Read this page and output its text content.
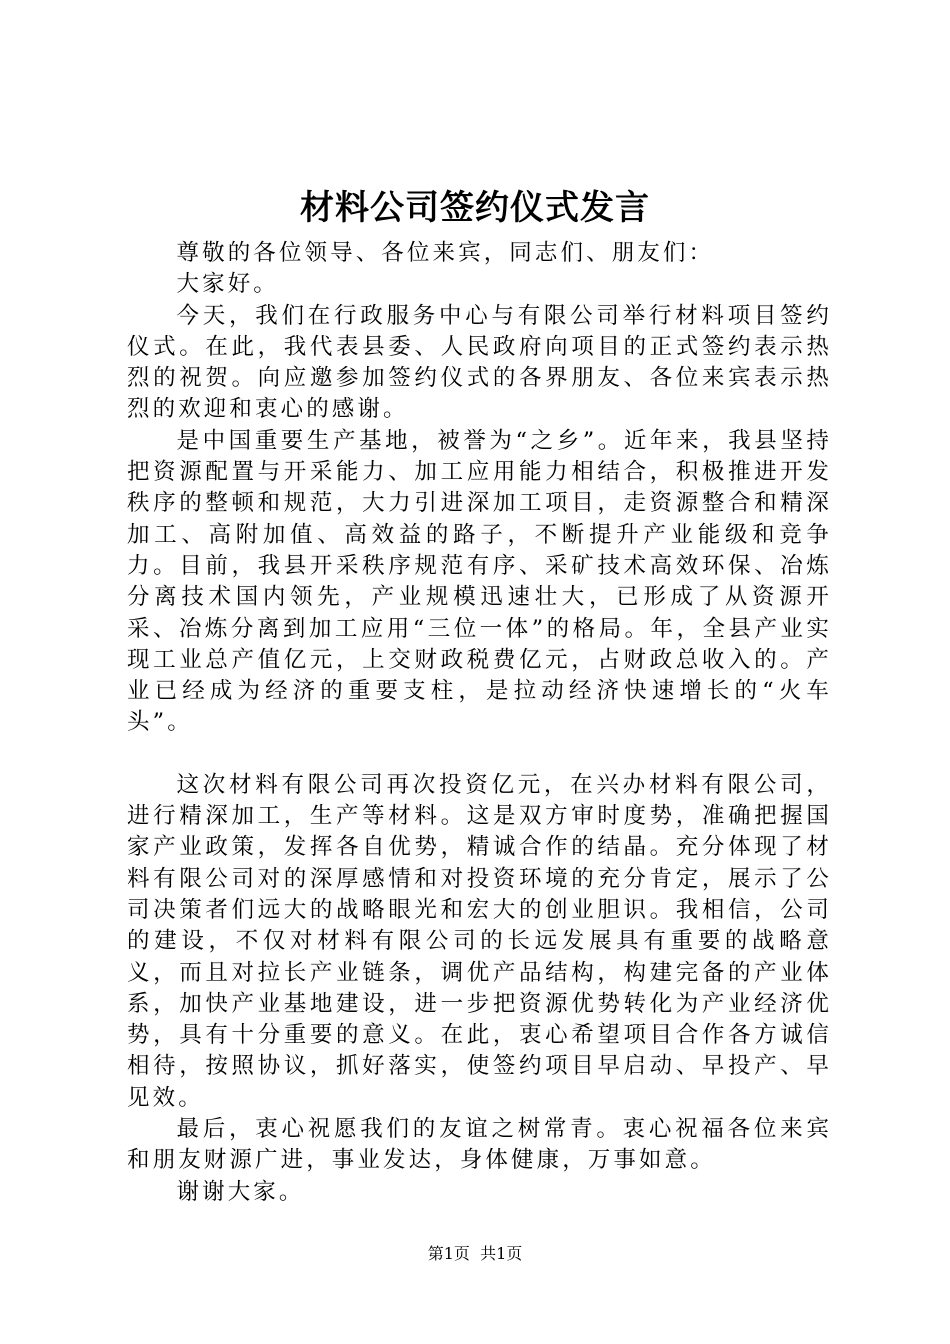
材料公司签约仪式发言

尊敬的各位领导、各位来宾，同志们、朋友们：

大家好。

今天，我们在行政服务中心与有限公司举行材料项目签约仪式。在此，我代表县委、人民政府向项目的正式签约表示热烈的祝贺。向应邀参加签约仪式的各界朋友、各位来宾表示热烈的欢迎和衷心的感谢。

是中国重要生产基地，被誉为“之乡”。近年来，我县坚持把资源配置与开采能力、加工应用能力相结合，积极推进开发秩序的整顿和规范，大力引进深加工项目，走资源整合和精深加工、高附加值、高效益的路子，不断提升产业能级和竞争力。目前，我县开采秩序规范有序、采矿技术高效环保、冶炼分离技术国内领先，产业规模迅速壮大，已形成了从资源开采、冶炼分离到加工应用“三位一体”的格局。年，全县产业实现工业总产值亿元，上交财政税费亿元，占财政总收入的。产业已经成为经济的重要支柱，是拉动经济快速增长的“火车头”。

这次材料有限公司再次投资亿元，在兴办材料有限公司，进行精深加工，生产等材料。这是双方审时度势，准确把握国家产业政策，发挥各自优势，精诚合作的结晶。充分体现了材料有限公司对的深厚感情和对投资环境的充分肯定，展示了公司决策者们远大的战略眼光和宏大的创业胆识。我相信，公司的建设，不仅对材料有限公司的长远发展具有重要的战略意义，而且对拉长产业链条，调优产品结构，构建完备的产业体系，加快产业基地建设，进一步把资源优势转化为产业经济优势，具有十分重要的意义。在此，衷心希望项目合作各方诚信相待，按照协议，抓好落实，使签约项目早启动、早投产、早见效。

最后，衷心祝愿我们的友谊之树常青。衷心祝福各位来宾和朋友财源广进，事业发达，身体健康，万事如意。

谢谢大家。

第1页 共1页
